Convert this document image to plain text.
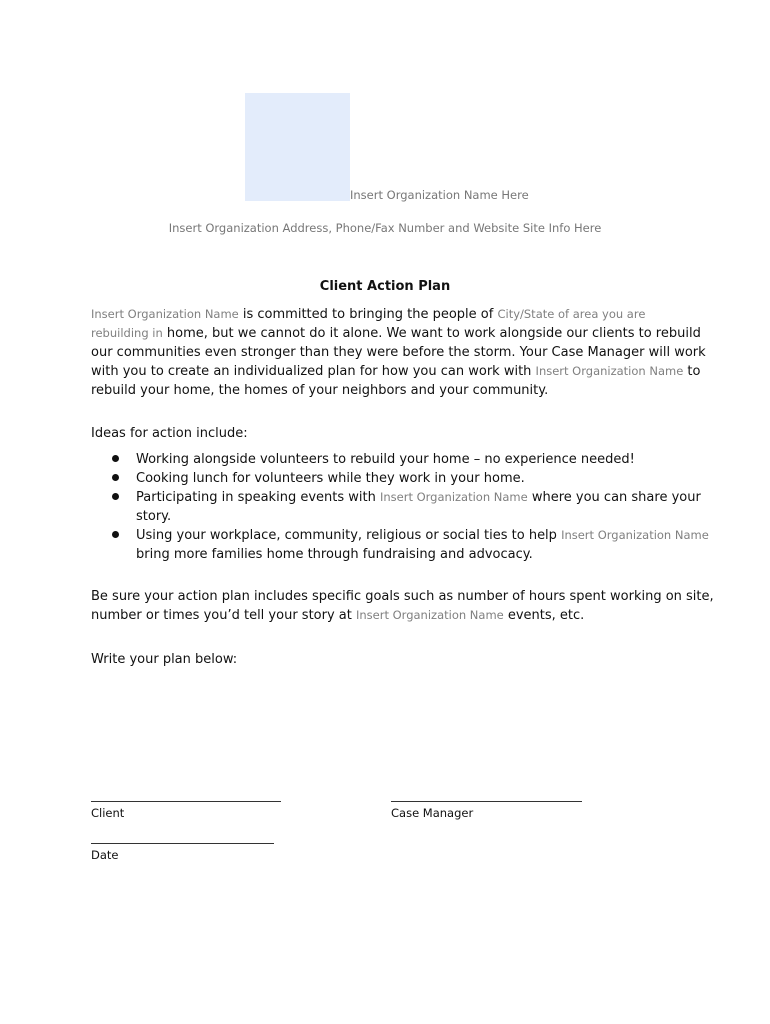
Insert Organization Name Here
Insert Organization Address, Phone/Fax Number and Website Site Info Here
Client Action Plan
Insert Organization Name is committed to bringing the people of City/State of area you are
rebuilding in home, but we cannot do it alone. We want to work alongside our clients to rebuild
our communities even stronger than they were before the storm. Your Case Manager will work
with you to create an individualized plan for how you can work with Insert Organization Name to
rebuild your home, the homes of your neighbors and your community.
Ideas for action include:
Working alongside volunteers to rebuild your home – no experience needed!
Cooking lunch for volunteers while they work in your home.
Participating in speaking events with Insert Organization Name where you can share your
story.
Using your workplace, community, religious or social ties to help Insert Organization Name
bring more families home through fundraising and advocacy.
Be sure your action plan includes specific goals such as number of hours spent working on site,
number or times you’d tell your story at Insert Organization Name events, etc.
Write your plan below:
Client	Case Manager
Date
